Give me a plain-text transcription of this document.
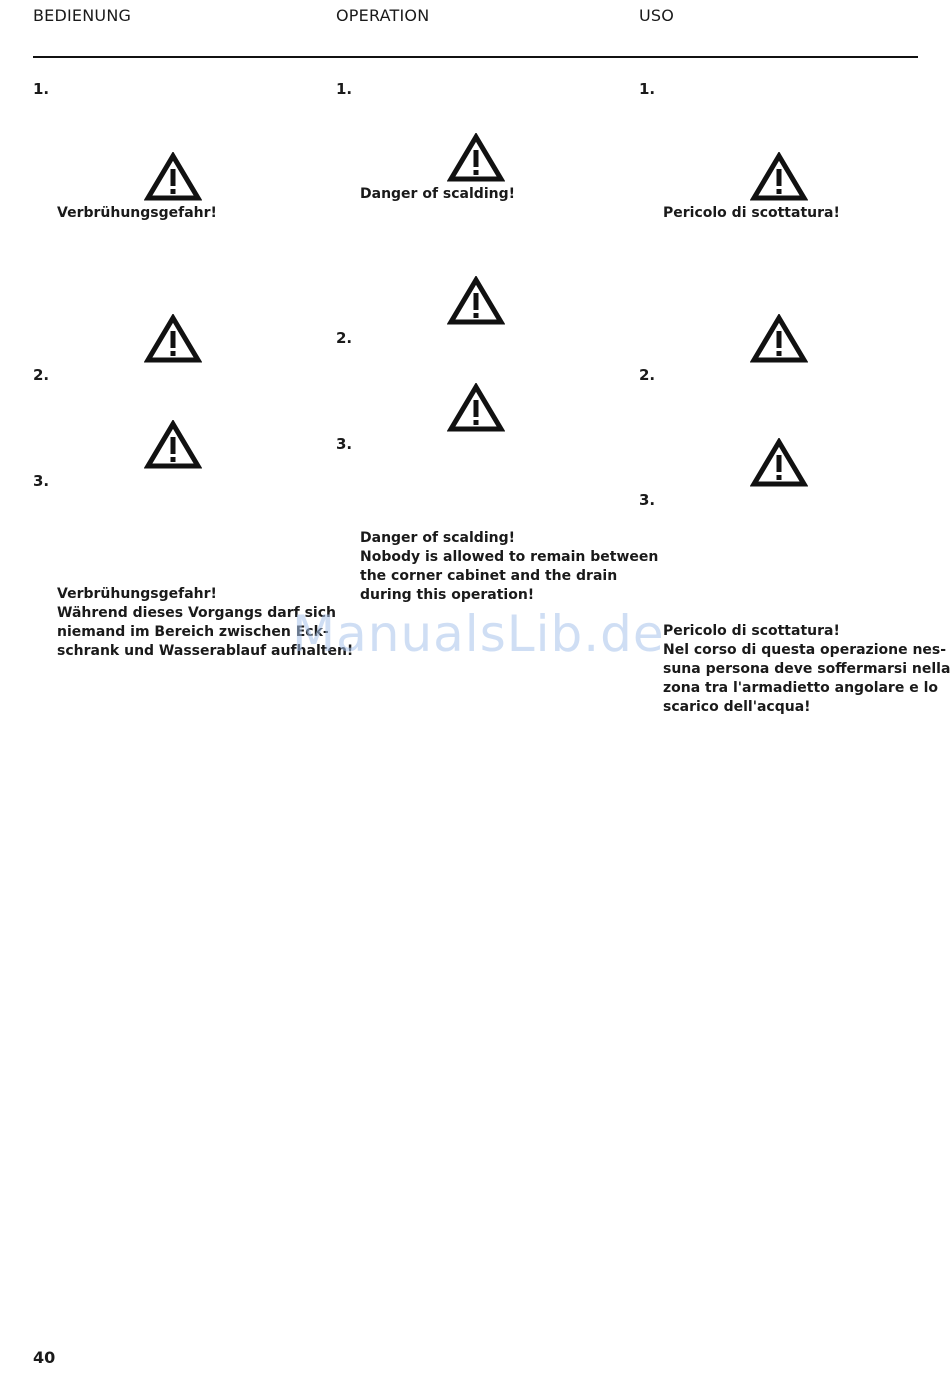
BEDIENUNG	OPERATION	USO
1.
Verbrühungsgefahr!
2.
3.
Verbrühungsgefahr!
Während dieses Vorgangs darf sich
niemand im Bereich zwischen Eck-
schrank und Wasserablauf aufhalten!
1.
Danger of scalding!
2.
3.
Danger of scalding!
Nobody is allowed to remain between
the corner cabinet and the drain
during this operation!
1.
Pericolo di scottatura!
2.
3.
Pericolo di scottatura!
Nel corso di questa operazione nes-
suna persona deve soffermarsi nella
zona tra l'armadietto angolare e lo
scarico dell'acqua!
ManualsLib.de
40
